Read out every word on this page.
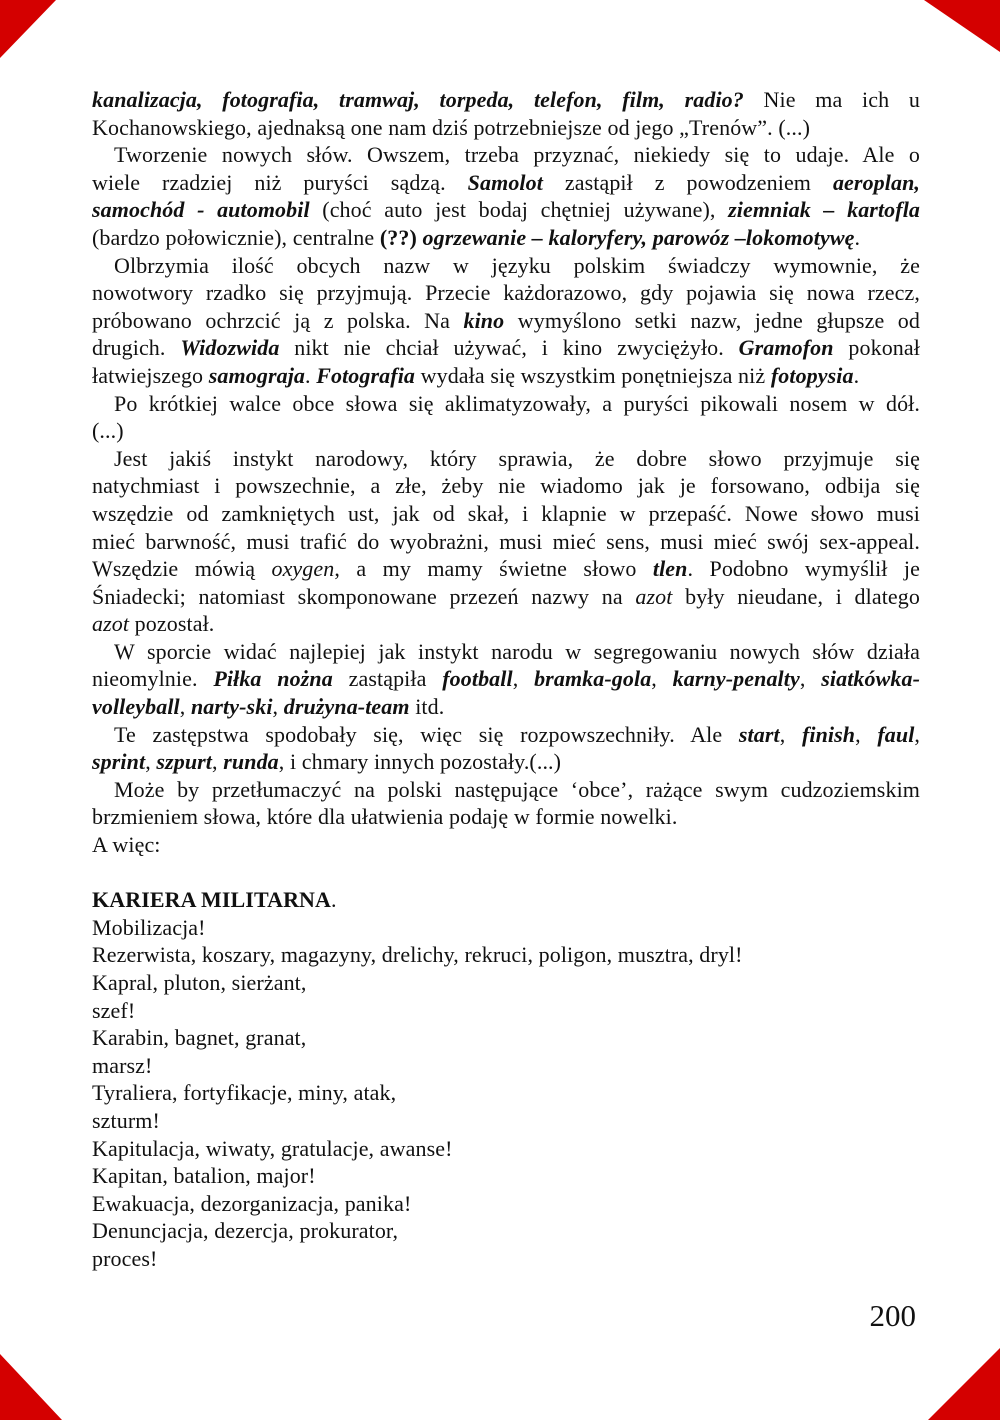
kanalizacja, fotografia, tramwaj, torpeda, telefon, film, radio? Nie ma ich u
Kochanowskiego, ajednaksą one nam dziś potrzebniejsze od jego „Trenów”. (...)
Tworzenie nowych słów. Owszem, trzeba przyznać, niekiedy się to udaje. Ale o
wiele rzadziej niż puryści sądzą. Samolot zastąpił z powodzeniem aeroplan,
samochód - automobil (choć auto jest bodaj chętniej używane), ziemniak – kartofla
(bardzo połowicznie), centralne (??) ogrzewanie – kaloryfery, parowóz –lokomotywę.
Olbrzymia ilość obcych nazw w języku polskim świadczy wymownie, że
nowotwory rzadko się przyjmują. Przecie każdorazowo, gdy pojawia się nowa rzecz,
próbowano ochrzcić ją z polska. Na kino wymyślono setki nazw, jedne głupsze od
drugich. Widozwida nikt nie chciał używać, i kino zwyciężyło. Gramofon pokonał
łatwiejszego samograja. Fotografia wydała się wszystkim ponętniejsza niż fotopysia.
Po krótkiej walce obce słowa się aklimatyzowały, a puryści pikowali nosem w dół.
(...)
Jest jakiś instykt narodowy, który sprawia, że dobre słowo przyjmuje się
natychmiast i powszechnie, a złe, żeby nie wiadomo jak je forsowano, odbija się
wszędzie od zamkniętych ust, jak od skał, i klapnie w przepaść. Nowe słowo musi
mieć barwność, musi trafić do wyobrażni, musi mieć sens, musi mieć swój sex-appeal.
Wszędzie mówią oxygen, a my mamy świetne słowo tlen. Podobno wymyślił je
Śniadecki; natomiast skomponowane przezeń nazwy na azot były nieudane, i dlatego
azot pozostał.
W sporcie widać najlepiej jak instykt narodu w segregowaniu nowych słów działa
nieomylnie. Piłka nożna zastąpiła football, bramka-gola, karny-penalty, siatkówka-
volleyball, narty-ski, drużyna-team itd.
Te zastępstwa spodobały się, więc się rozpowszechniły. Ale start, finish, faul,
sprint, szpurt, runda, i chmary innych pozostały.(...)
Może by przetłumaczyć na polski następujące ‘obce’, rażące swym cudzoziemskim
brzmieniem słowa, które dla ułatwienia podaję w formie nowelki.
A więc:
KARIERA MILITARNA.
Mobilizacja!
Rezerwista, koszary, magazyny, drelichy, rekruci, poligon, musztra, dryl!
Kapral, pluton, sierżant,
szef!
Karabin, bagnet, granat,
marsz!
Tyraliera, fortyfikacje, miny, atak,
szturm!
Kapitulacja, wiwaty, gratulacje, awanse!
Kapitan, batalion, major!
Ewakuacja, dezorganizacja, panika!
Denuncjacja, dezercja, prokurator,
proces!
200
